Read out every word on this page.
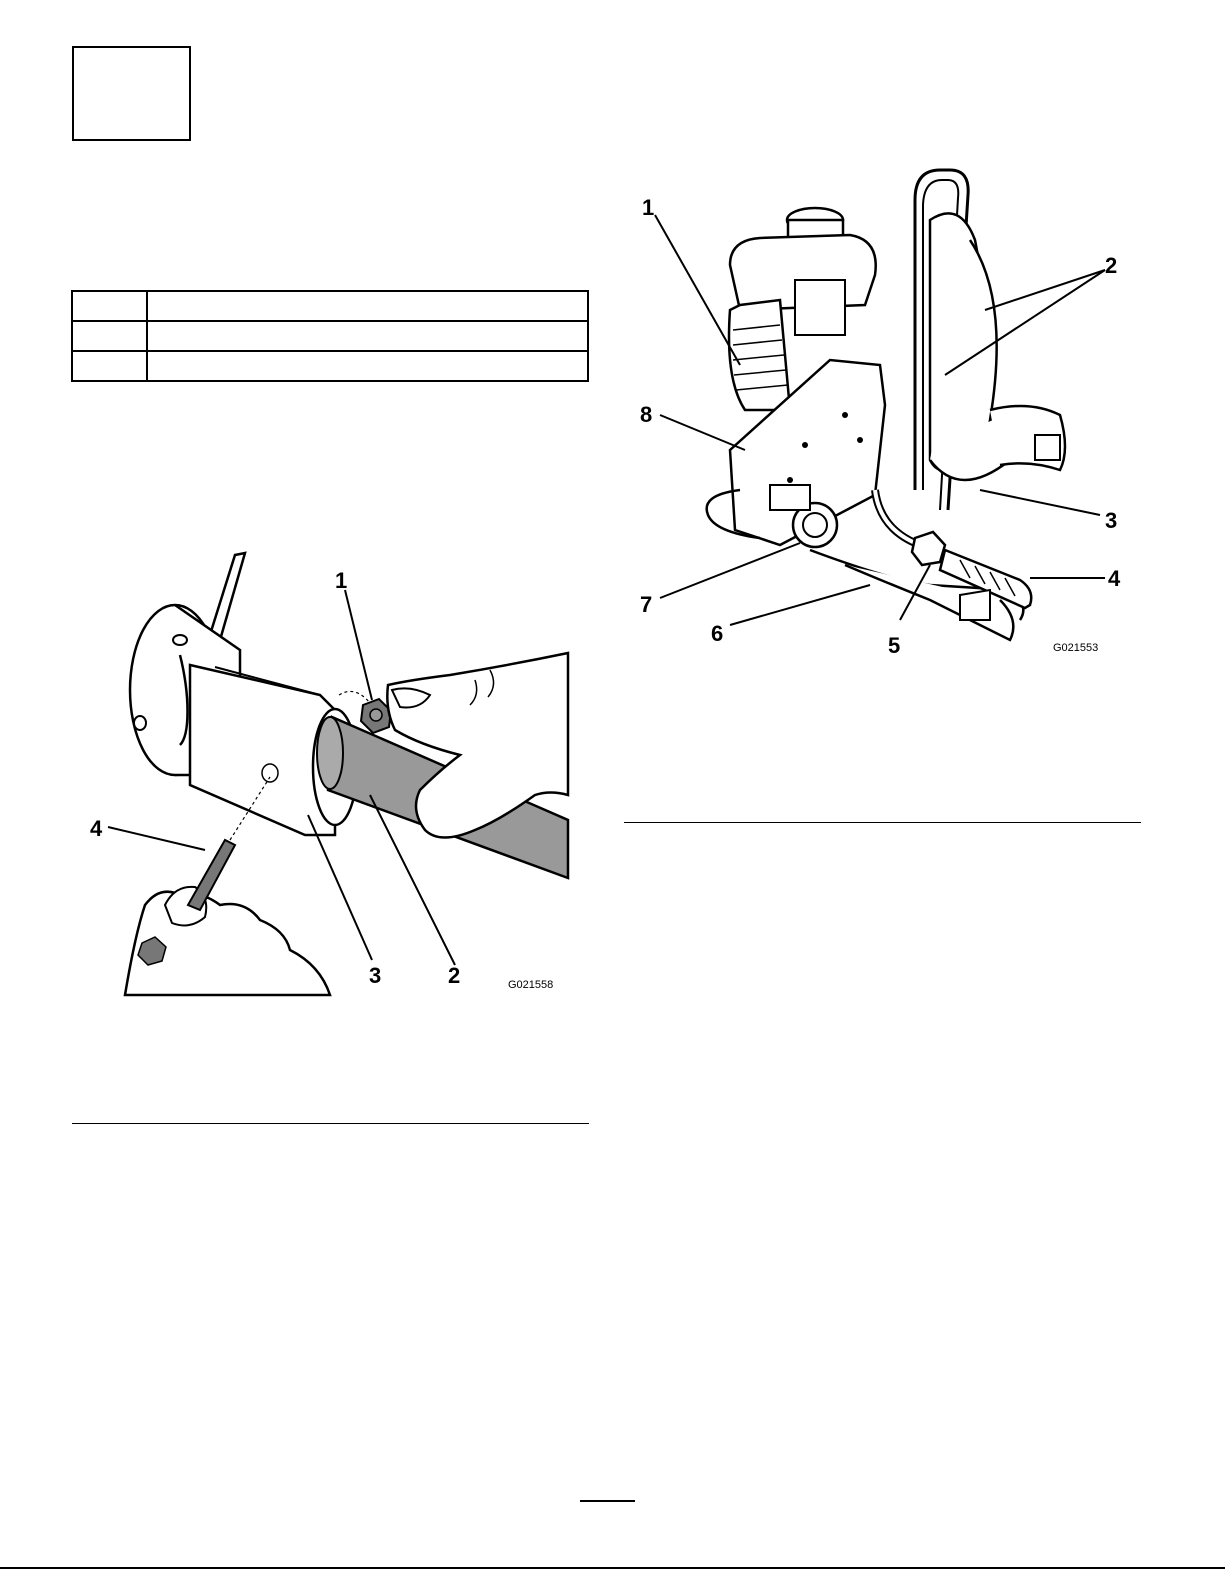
1
2
3
4
G021558
1
2
3
4
5
6
7
8
G021553
